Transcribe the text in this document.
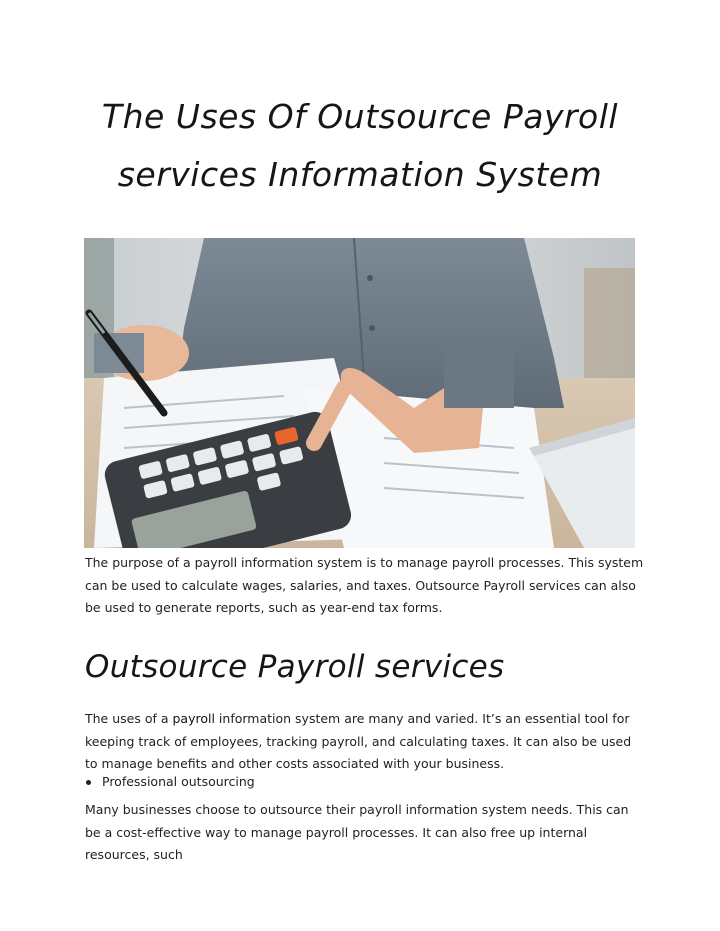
The Uses Of Outsource Payroll
services Information System

The purpose of a payroll information system is to manage payroll processes. This system can be used to calculate wages, salaries, and taxes. Outsource Payroll services can also be used to generate reports, such as year-end tax forms.

Outsource Payroll services

The uses of a payroll information system are many and varied. It’s an essential tool for keeping track of employees, tracking payroll, and calculating taxes. It can also be used to manage benefits and other costs associated with your business.

Professional outsourcing

Many businesses choose to outsource their payroll information system needs. This can be a cost-effective way to manage payroll processes. It can also free up internal resources, such
